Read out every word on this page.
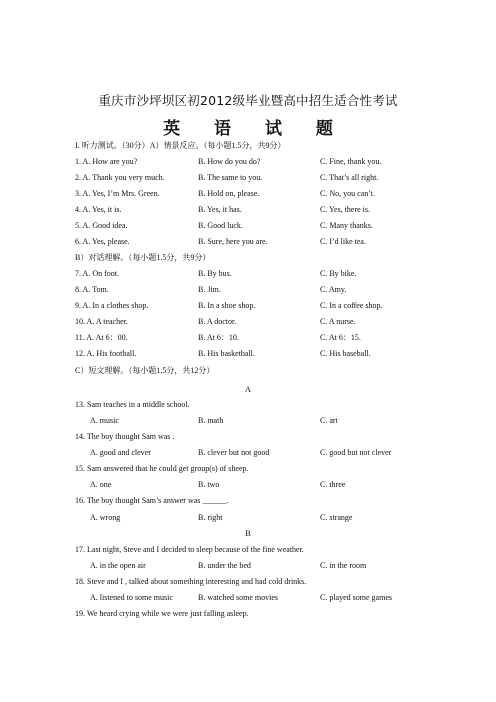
重庆市沙坪坝区初2012级毕业暨高中招生适合性考试
英 语 试 题
I. 听力测试。（30分）A）情景反应。（每小题1.5分，共9分）
1. A. How are you?	B. How do you do?	C. Fine, thank you.
2. A. Thank you very much.	B. The same to you.	C. That’s all right.
3. A. Yes, I’m Mrs. Green.	B. Hold on, please.	C. No, you can’t.
4. A. Yes, it is.	B. Yes, it has.	C. Yes, there is.
5. A. Good idea.	B. Good luck.	C. Many thanks.
6. A. Yes, please.	B. Sure, here you are.	C. I’d like tea.
B）对话理解。（每小题1.5分，共9分）
7. A. On foot.	B. By bus.	C. By bike.
8. A. Tom.	B. Jim.	C. Amy.
9. A. In a clothes shop.	B. In a shoe shop.	C. In a coffee shop.
10. A. A teacher.	B. A doctor.	C. A nurse.
11. A. At 6：00.	B. At 6：10.	C. At 6：15.
12. A. His football.	B. His basketball.	C. His baseball.
C）短文理解。（每小题1.5分，共12分）
A
13. Sam teaches in a middle school.
A. music	B. math	C. art
14. The boy thought Sam was .
A. good and clever	B. clever but not good	C. good but not clever
15. Sam answered that he could get group(s) of sheep.
A. one	B. two	C. three
16. The boy thought Sam’s answer was ______.
A. wrong	B. right	C. strange
B
17. Last night, Steve and I decided to sleep because of the fine weather.
A. in the open air	B. under the bed	C. in the room
18. Steve and I , talked about something interesting and had cold drinks.
A. listened to some music	B. watched some movies	C. played some games
19. We heard crying while we were just falling asleep.
